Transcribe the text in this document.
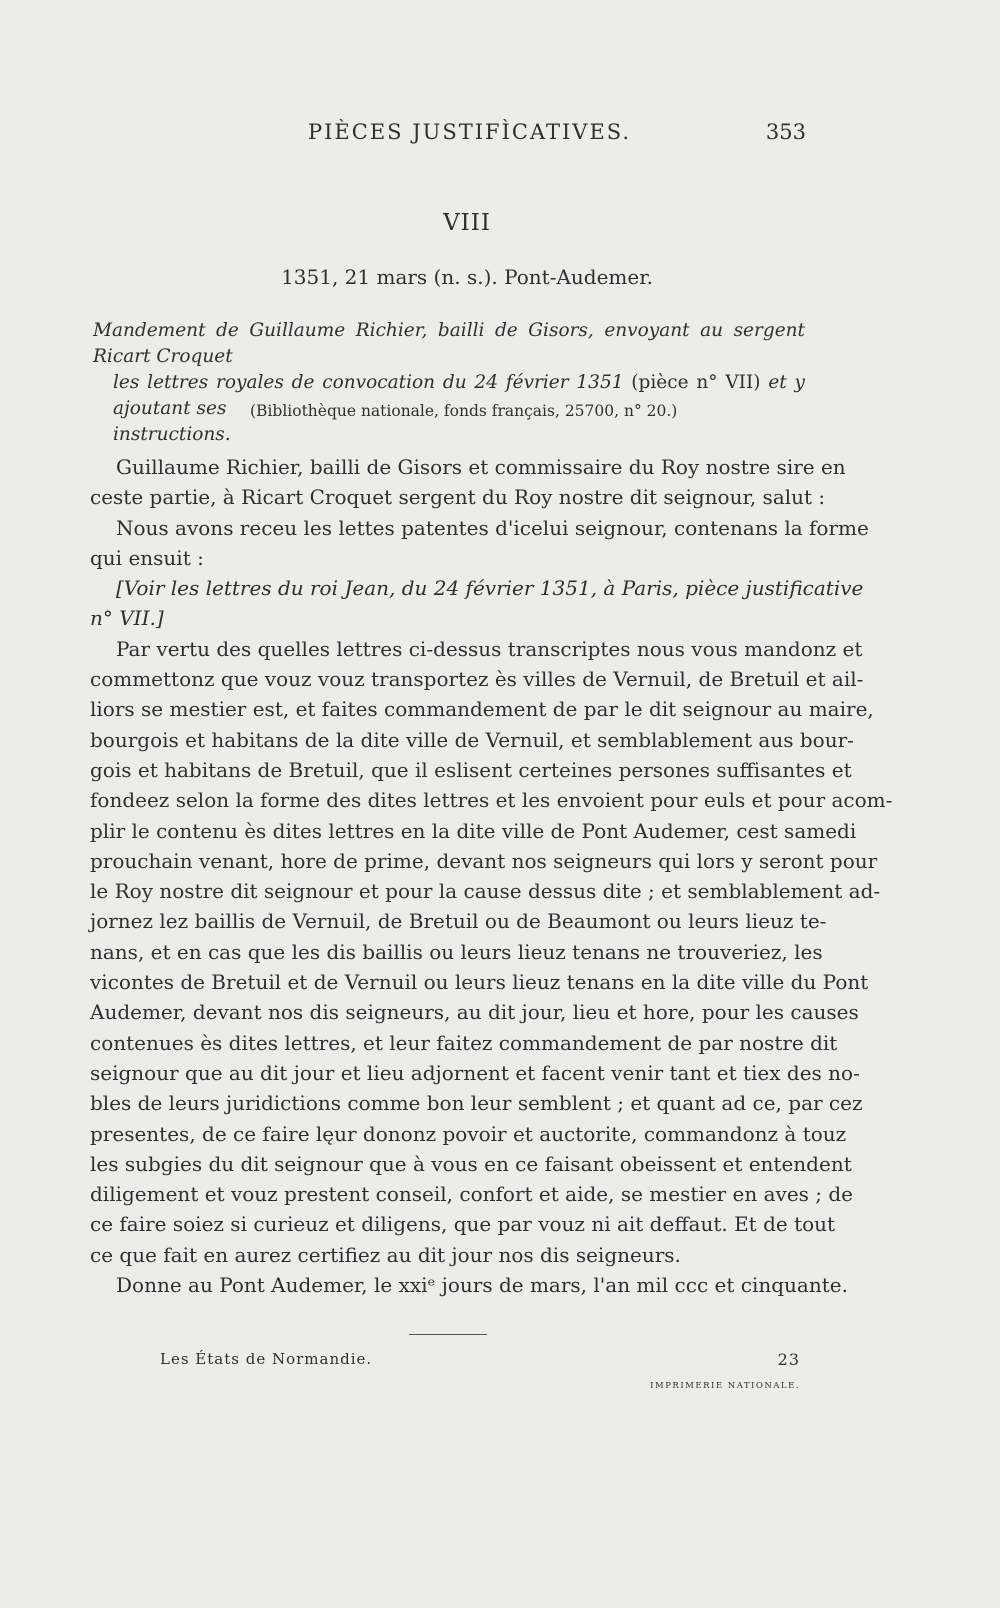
PIÈCES JUSTIFÌCATIVES.	353
VIII
1351, 21 mars (n. s.). Pont-Audemer.
Mandement de Guillaume Richier, bailli de Gisors, envoyant au sergent Ricart Croquet
les lettres royales de convocation du 24 février 1351 (pièce n° VII) et y ajoutant ses
instructions.
(Bibliothèque nationale, fonds français, 25700, n° 20.)
Guillaume Richier, bailli de Gisors et commissaire du Roy nostre sire en
ceste partie, à Ricart Croquet sergent du Roy nostre dit seignour, salut :
Nous avons receu les lettes patentes d'icelui seignour, contenans la forme
qui ensuit :
[Voir les lettres du roi Jean, du 24 février 1351, à Paris, pièce justificative
n° VII.]
Par vertu des quelles lettres ci-dessus transcriptes nous vous mandonz et
commettonz que vouz vouz transportez ès villes de Vernuil, de Bretuil et ail-
liors se mestier est, et faites commandement de par le dit seignour au maire,
bourgois et habitans de la dite ville de Vernuil, et semblablement aus bour-
gois et habitans de Bretuil, que il eslisent certeines persones suffisantes et
fondeez selon la forme des dites lettres et les envoient pour euls et pour acom-
plir le contenu ès dites lettres en la dite ville de Pont Audemer, cest samedi
prouchain venant, hore de prime, devant nos seigneurs qui lors y seront pour
le Roy nostre dit seignour et pour la cause dessus dite ; et semblablement ad-
jornez lez baillis de Vernuil, de Bretuil ou de Beaumont ou leurs lieuz te-
nans, et en cas que les dis baillis ou leurs lieuz tenans ne trouveriez, les
vicontes de Bretuil et de Vernuil ou leurs lieuz tenans en la dite ville du Pont
Audemer, devant nos dis seigneurs, au dit jour, lieu et hore, pour les causes
contenues ès dites lettres, et leur faitez commandement de par nostre dit
seignour que au dit jour et lieu adjornent et facent venir tant et tiex des no-
bles de leurs juridictions comme bon leur semblent ; et quant ad ce, par cez
presentes, de ce faire lęur dononz povoir et auctorite, commandonz à touz
les subgies du dit seignour que à vous en ce faisant obeissent et entendent
diligement et vouz prestent conseil, confort et aide, se mestier en aves ; de
ce faire soiez si curieuz et diligens, que par vouz ni ait deffaut. Et de tout
ce que fait en aurez certifiez au dit jour nos dis seigneurs.
Donne au Pont Audemer, le xxiᵉ jours de mars, l'an mil ccc et cinquante.
Les États de Normandie.	23
IMPRIMERIE NATIONALE.
